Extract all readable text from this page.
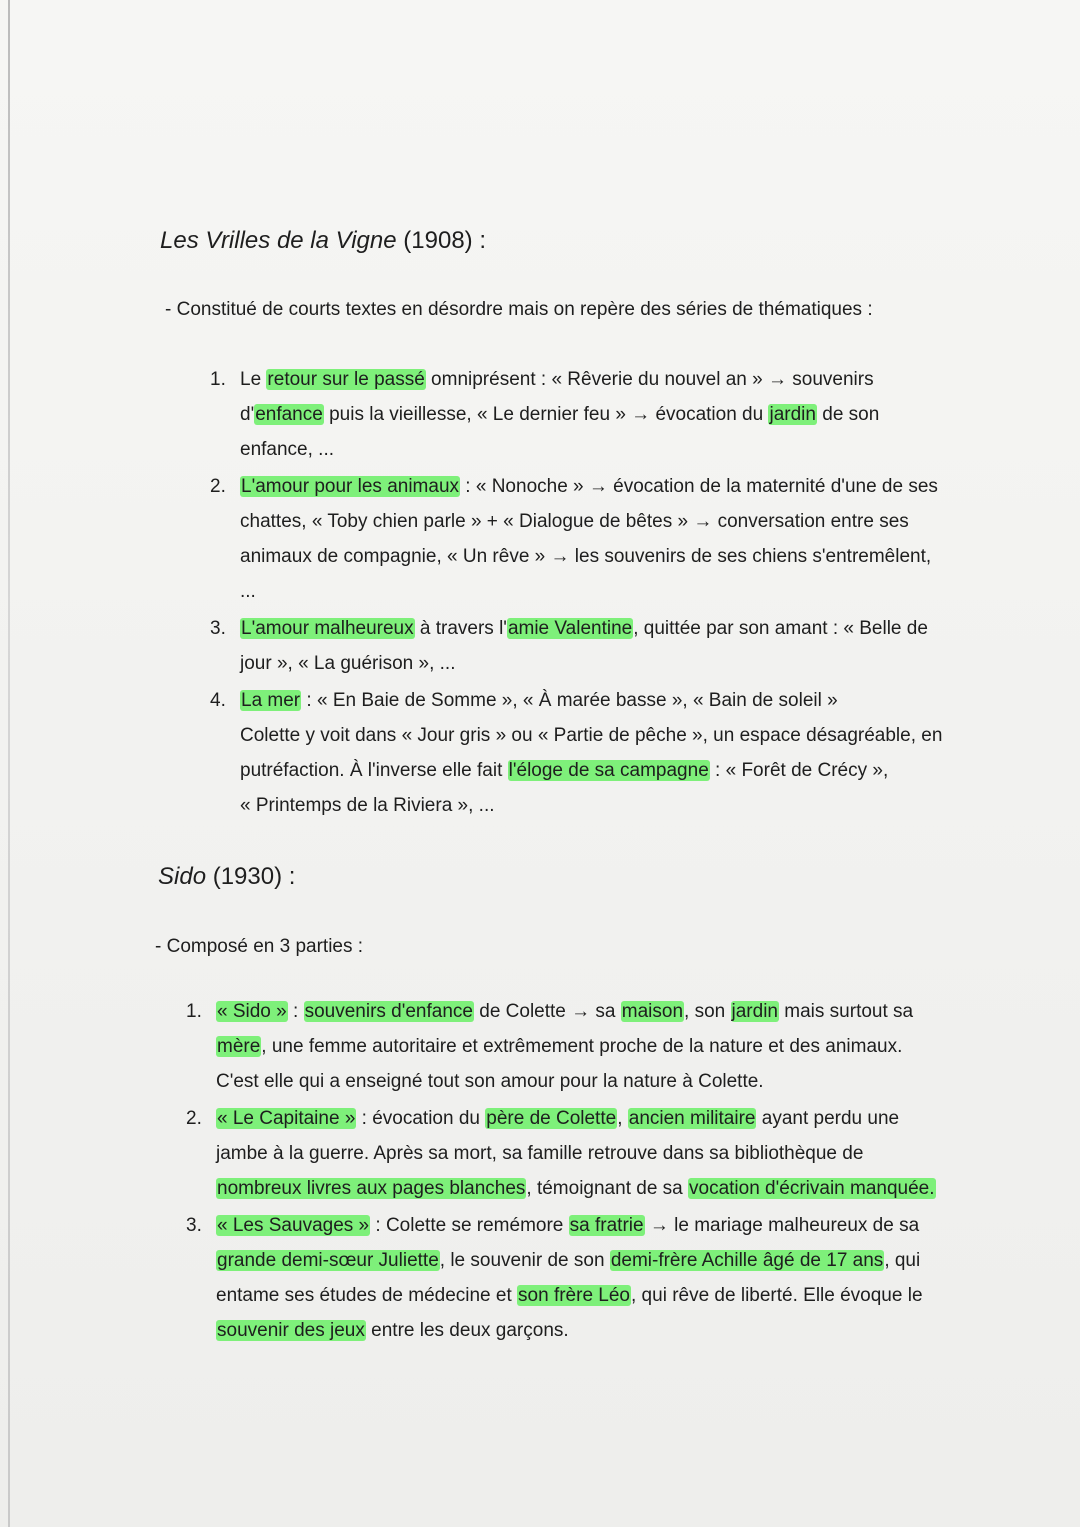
Les Vrilles de la Vigne (1908) :
- Constitué de courts textes en désordre mais on repère des séries de thématiques :
1. Le retour sur le passé omniprésent : « Rêverie du nouvel an » → souvenirs
d'enfance puis la vieillesse, « Le dernier feu » → évocation du jardin de son
enfance, ...
2. L'amour pour les animaux : « Nonoche » → évocation de la maternité d'une de ses
chattes, « Toby chien parle » + « Dialogue de bêtes » → conversation entre ses
animaux de compagnie, « Un rêve » → les souvenirs de ses chiens s'entremêlent,
...
3. L'amour malheureux à travers l'amie Valentine, quittée par son amant : « Belle de
jour », « La guérison », ...
4. La mer : « En Baie de Somme », « À marée basse », « Bain de soleil »
Colette y voit dans « Jour gris » ou « Partie de pêche », un espace désagréable, en
putréfaction. À l'inverse elle fait l'éloge de sa campagne : « Forêt de Crécy »,
« Printemps de la Riviera », ...
Sido (1930) :
- Composé en 3 parties :
1. « Sido » : souvenirs d'enfance de Colette → sa maison, son jardin mais surtout sa
mère, une femme autoritaire et extrêmement proche de la nature et des animaux.
C'est elle qui a enseigné tout son amour pour la nature à Colette.
2. « Le Capitaine » : évocation du père de Colette, ancien militaire ayant perdu une
jambe à la guerre. Après sa mort, sa famille retrouve dans sa bibliothèque de
nombreux livres aux pages blanches, témoignant de sa vocation d'écrivain manquée.
3. « Les Sauvages » : Colette se remémore sa fratrie → le mariage malheureux de sa
grande demi-sœur Juliette, le souvenir de son demi-frère Achille âgé de 17 ans, qui
entame ses études de médecine et son frère Léo, qui rêve de liberté. Elle évoque le
souvenir des jeux entre les deux garçons.
